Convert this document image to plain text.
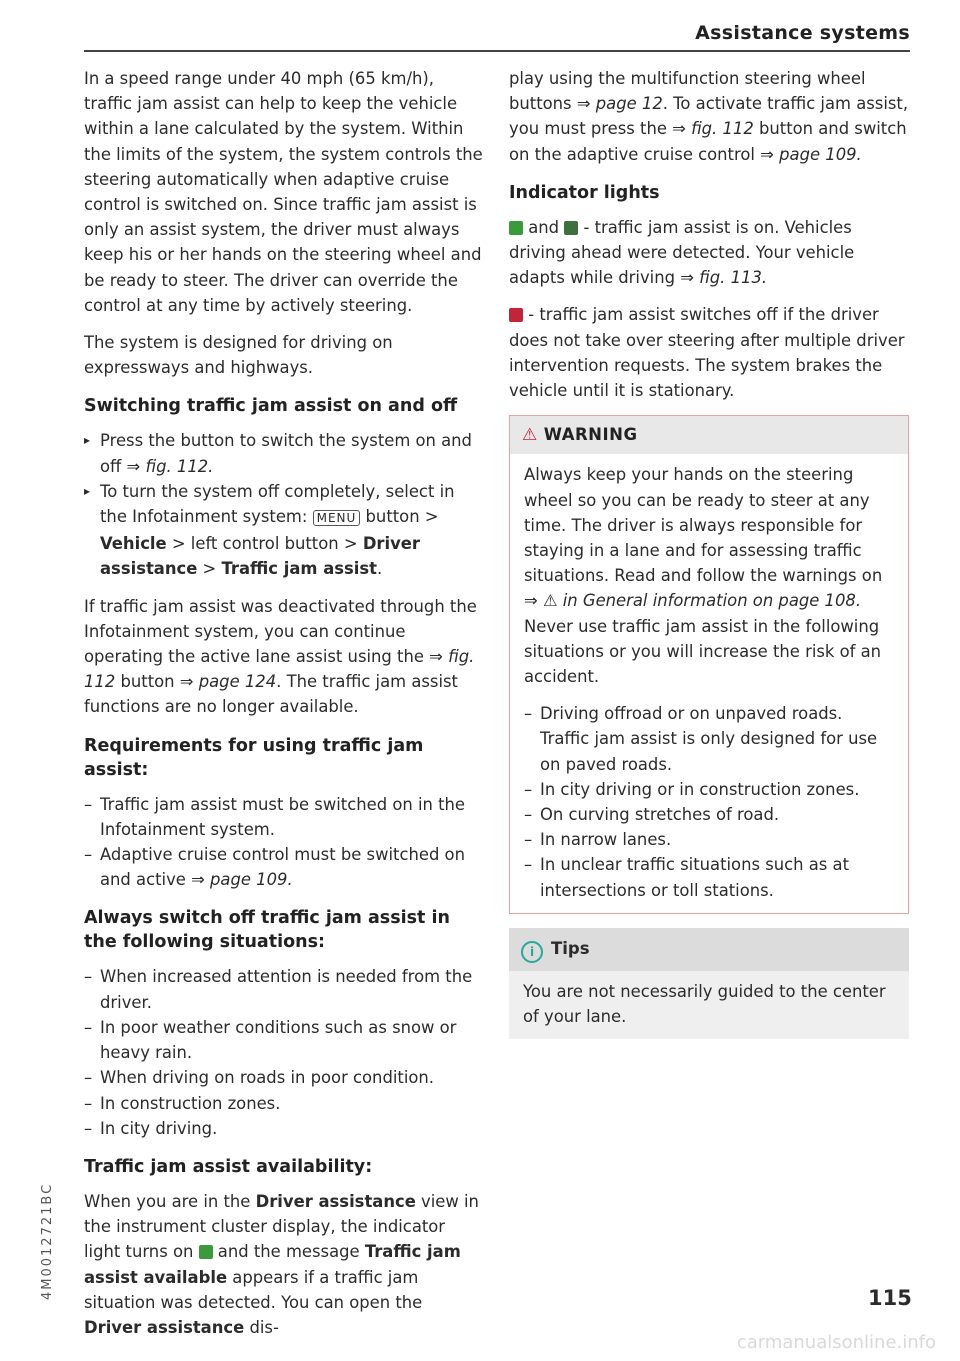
Assistance systems

In a speed range under 40 mph (65 km/h), traffic jam assist can help to keep the vehicle within a lane calculated by the system. Within the limits of the system, the system controls the steering automatically when adaptive cruise control is switched on. Since traffic jam assist is only an assist system, the driver must always keep his or her hands on the steering wheel and be ready to steer. The driver can override the control at any time by actively steering.

The system is designed for driving on expressways and highways.

Switching traffic jam assist on and off
▸ Press the button to switch the system on and off ⇒ fig. 112.
▸ To turn the system off completely, select in the Infotainment system: MENU button > Vehicle > left control button > Driver assistance > Traffic jam assist.

If traffic jam assist was deactivated through the Infotainment system, you can continue operating the active lane assist using the ⇒ fig. 112 button ⇒ page 124. The traffic jam assist functions are no longer available.

Requirements for using traffic jam assist:
– Traffic jam assist must be switched on in the Infotainment system.
– Adaptive cruise control must be switched on and active ⇒ page 109.
Always switch off traffic jam assist in the following situations:
– When increased attention is needed from the driver.
– In poor weather conditions such as snow or heavy rain.
– When driving on roads in poor condition.
– In construction zones.
– In city driving.
Traffic jam assist availability:

When you are in the Driver assistance view in the instrument cluster display, the indicator light turns on  and the message Traffic jam assist available appears if a traffic jam situation was detected. You can open the Driver assistance dis-

play using the multifunction steering wheel buttons ⇒ page 12. To activate traffic jam assist, you must press the ⇒ fig. 112 button and switch on the adaptive cruise control ⇒ page 109.

Indicator lights

and  - traffic jam assist is on. Vehicles driving ahead were detected. Your vehicle adapts while driving ⇒ fig. 113.

- traffic jam assist switches off if the driver does not take over steering after multiple driver intervention requests. The system brakes the vehicle until it is stationary.

⚠ WARNING

Always keep your hands on the steering wheel so you can be ready to steer at any time. The driver is always responsible for staying in a lane and for assessing traffic situations. Read and follow the warnings on ⇒ ⚠ in General information on page 108. Never use traffic jam assist in the following situations or you will increase the risk of an accident.

– Driving offroad or on unpaved roads. Traffic jam assist is only designed for use on paved roads.
– In city driving or in construction zones.
– On curving stretches of road.
– In narrow lanes.
– In unclear traffic situations such as at intersections or toll stations.
i Tips
You are not necessarily guided to the center of your lane.
115
4M0012721BC
carmanualsonline.info
